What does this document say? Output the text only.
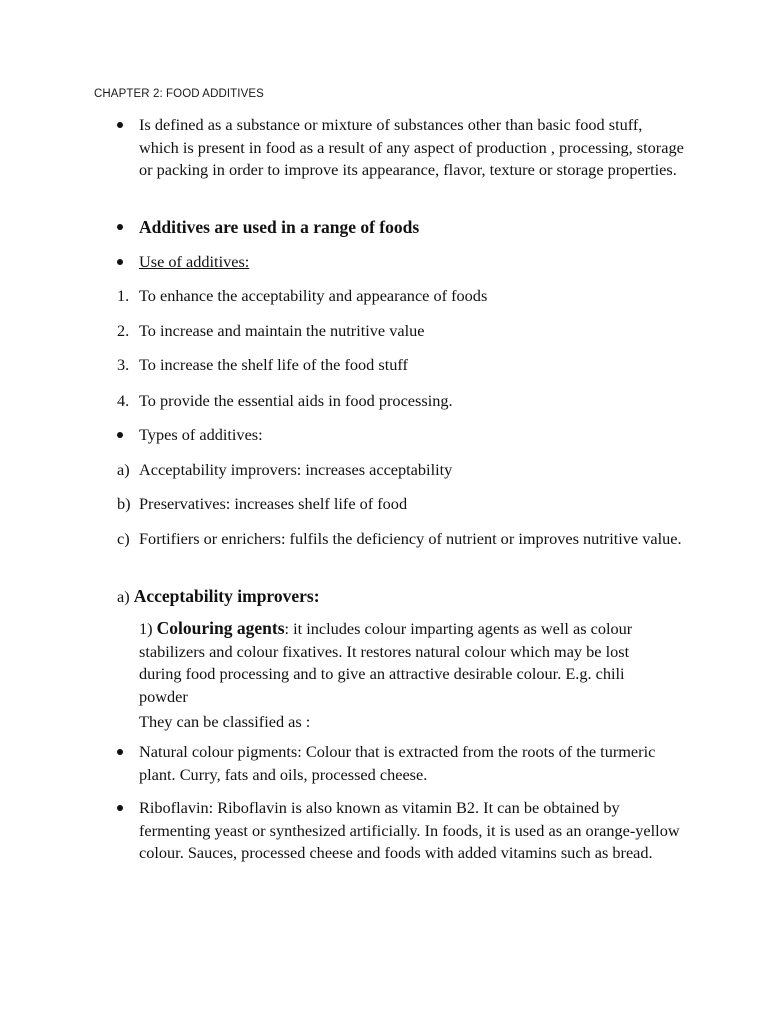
CHAPTER 2: FOOD ADDITIVES
Is defined as a substance or mixture of substances other than basic food stuff, which is present in food as a result of any aspect of production , processing, storage or packing in order to improve its appearance, flavor, texture or storage properties.
Additives are used in a range of foods
Use of additives:
1. To enhance the acceptability and appearance of foods
2. To increase and maintain the nutritive value
3. To increase the shelf life of the food stuff
4. To provide the essential aids in food processing.
Types of additives:
a) Acceptability improvers: increases acceptability
b) Preservatives: increases shelf life of food
c) Fortifiers or enrichers: fulfils the deficiency of nutrient or improves nutritive value.
a) Acceptability improvers:
1) Colouring agents: it includes colour imparting agents as well as colour stabilizers and colour fixatives. It restores natural colour which may be lost during food processing and to give an attractive desirable colour. E.g. chili powder
They can be classified as :
Natural colour pigments: Colour that is extracted from the roots of the turmeric plant. Curry, fats and oils, processed cheese.
Riboflavin: Riboflavin is also known as vitamin B2. It can be obtained by fermenting yeast or synthesized artificially. In foods, it is used as an orange-yellow colour. Sauces, processed cheese and foods with added vitamins such as bread.
